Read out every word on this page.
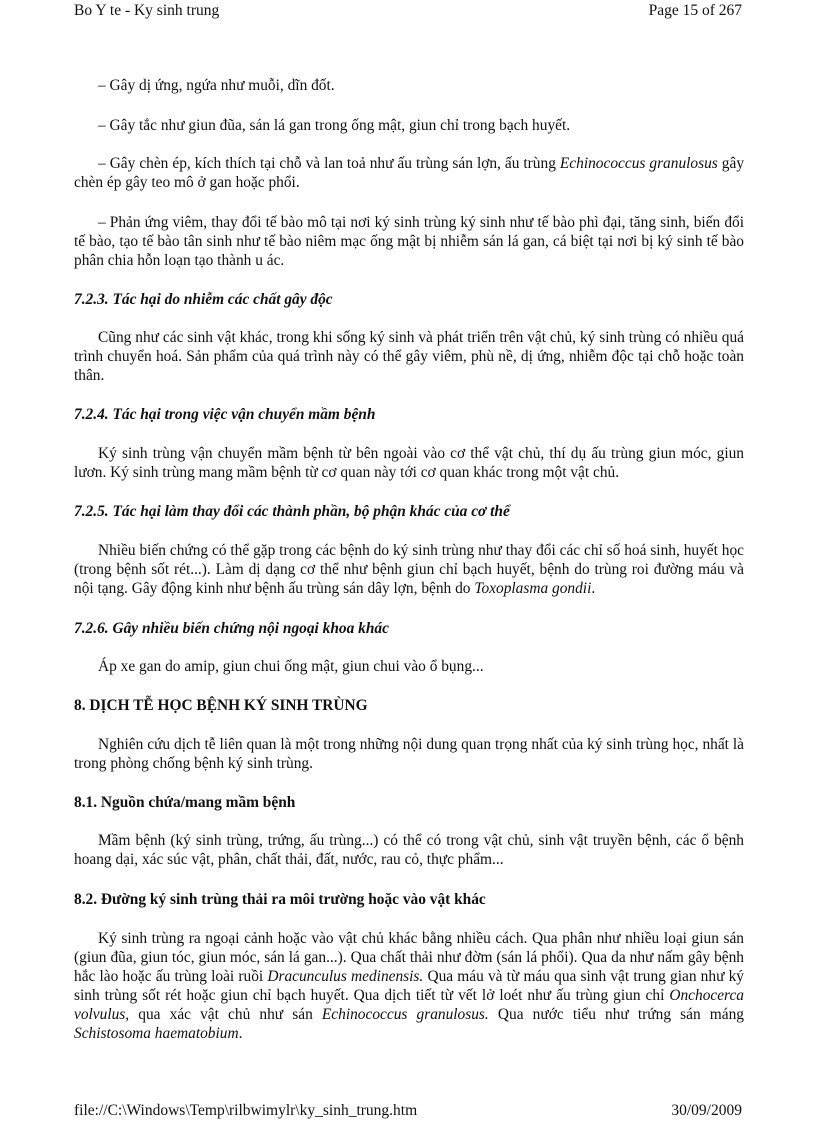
Bo Y te - Ky sinh trung	Page 15 of 267

– Gây dị ứng, ngứa như muỗi, dĩn đốt.

– Gây tắc như giun đũa, sán lá gan trong ống mật, giun chỉ trong bạch huyết.

– Gây chèn ép, kích thích tại chỗ và lan toả như ấu trùng sán lợn, ấu trùng Echinococcus granulosus gây chèn ép gây teo mô ở gan hoặc phổi.

– Phản ứng viêm, thay đổi tế bào mô tại nơi ký sinh trùng ký sinh như tế bào phì đại, tăng sinh, biến đổi tế bào, tạo tế bào tân sinh như tế bào niêm mạc ống mật bị nhiễm sán lá gan, cá biệt tại nơi bị ký sinh tế bào phân chia hỗn loạn tạo thành u ác.

7.2.3. Tác hại do nhiễm các chất gây độc

Cũng như các sinh vật khác, trong khi sống ký sinh và phát triển trên vật chủ, ký sinh trùng có nhiều quá trình chuyển hoá. Sản phẩm của quá trình này có thể gây viêm, phù nề, dị ứng, nhiễm độc tại chỗ hoặc toàn thân.

7.2.4. Tác hại trong việc vận chuyển mầm bệnh

Ký sinh trùng vận chuyển mầm bệnh từ bên ngoài vào cơ thể vật chủ, thí dụ ấu trùng giun móc, giun lươn. Ký sinh trùng mang mầm bệnh từ cơ quan này tới cơ quan khác trong một vật chủ.

7.2.5. Tác hại làm thay đổi các thành phần, bộ phận khác của cơ thể

Nhiều biến chứng có thể gặp trong các bệnh do ký sinh trùng như thay đổi các chỉ số hoá sinh, huyết học (trong bệnh sốt rét...). Làm dị dạng cơ thể như bệnh giun chỉ bạch huyết, bệnh do trùng roi đường máu và nội tạng. Gây động kinh như bệnh ấu trùng sán dây lợn, bệnh do Toxoplasma gondii.

7.2.6. Gây nhiều biến chứng nội ngoại khoa khác

Áp xe gan do amip, giun chui ống mật, giun chui vào ổ bụng...

8. DỊCH TỄ HỌC BỆNH KÝ SINH TRÙNG

Nghiên cứu dịch tễ liên quan là một trong những nội dung quan trọng nhất của ký sinh trùng học, nhất là trong phòng chống bệnh ký sinh trùng.

8.1. Nguồn chứa/mang mầm bệnh

Mầm bệnh (ký sinh trùng, trứng, ấu trùng...) có thể có trong vật chủ, sinh vật truyền bệnh, các ổ bệnh hoang dại, xác súc vật, phân, chất thải, đất, nước, rau cỏ, thực phẩm...

8.2. Đường ký sinh trùng thải ra môi trường hoặc vào vật khác

Ký sinh trùng ra ngoại cảnh hoặc vào vật chủ khác bằng nhiều cách. Qua phân như nhiều loại giun sán (giun đũa, giun tóc, giun móc, sán lá gan...). Qua chất thải như đờm (sán lá phổi). Qua da như nấm gây bệnh hắc lào hoặc ấu trùng loài ruồi Dracunculus medinensis. Qua máu và từ máu qua sinh vật trung gian như ký sinh trùng sốt rét hoặc giun chỉ bạch huyết. Qua dịch tiết từ vết lở loét như ấu trùng giun chỉ Onchocerca volvulus, qua xác vật chủ như sán Echinococcus granulosus. Qua nước tiểu như trứng sán máng Schistosoma haematobium.

file://C:\Windows\Temp\rilbwimylr\ky_sinh_trung.htm	30/09/2009
